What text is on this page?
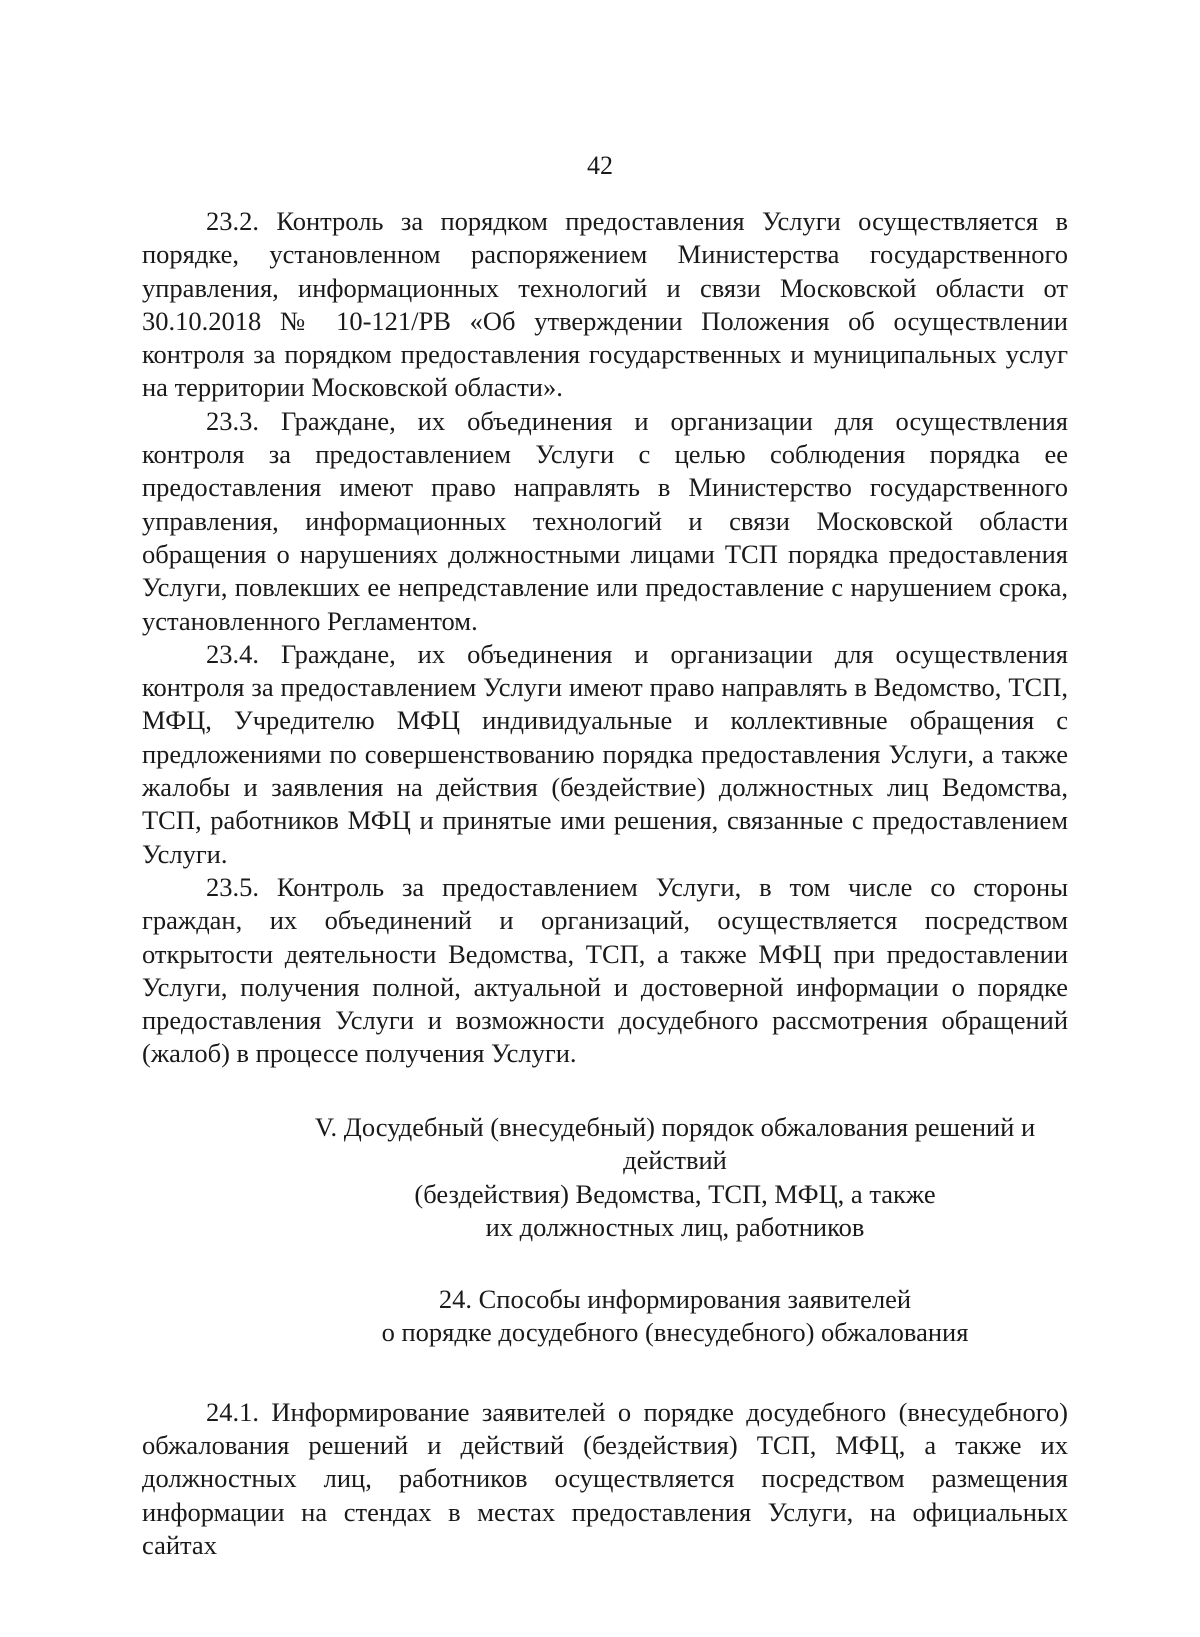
42

23.2. Контроль за порядком предоставления Услуги осуществляется в порядке, установленном распоряжением Министерства государственного управления, информационных технологий и связи Московской области от 30.10.2018 № 10-121/РВ «Об утверждении Положения об осуществлении контроля за порядком предоставления государственных и муниципальных услуг на территории Московской области».

23.3. Граждане, их объединения и организации для осуществления контроля за предоставлением Услуги с целью соблюдения порядка ее предоставления имеют право направлять в Министерство государственного управления, информационных технологий и связи Московской области обращения о нарушениях должностными лицами ТСП порядка предоставления Услуги, повлекших ее непредставление или предоставление с нарушением срока, установленного Регламентом.

23.4. Граждане, их объединения и организации для осуществления контроля за предоставлением Услуги имеют право направлять в Ведомство, ТСП, МФЦ, Учредителю МФЦ индивидуальные и коллективные обращения с предложениями по совершенствованию порядка предоставления Услуги, а также жалобы и заявления на действия (бездействие) должностных лиц Ведомства, ТСП, работников МФЦ и принятые ими решения, связанные с предоставлением Услуги.

23.5. Контроль за предоставлением Услуги, в том числе со стороны граждан, их объединений и организаций, осуществляется посредством открытости деятельности Ведомства, ТСП, а также МФЦ при предоставлении Услуги, получения полной, актуальной и достоверной информации о порядке предоставления Услуги и возможности досудебного рассмотрения обращений (жалоб) в процессе получения Услуги.

V. Досудебный (внесудебный) порядок обжалования решений и действий
(бездействия) Ведомства, ТСП, МФЦ, а также
их должностных лиц, работников
24. Способы информирования заявителей
о порядке досудебного (внесудебного) обжалования

24.1. Информирование заявителей о порядке досудебного (внесудебного) обжалования решений и действий (бездействия) ТСП, МФЦ, а также их должностных лиц, работников осуществляется посредством размещения информации на стендах в местах предоставления Услуги, на официальных сайтах
